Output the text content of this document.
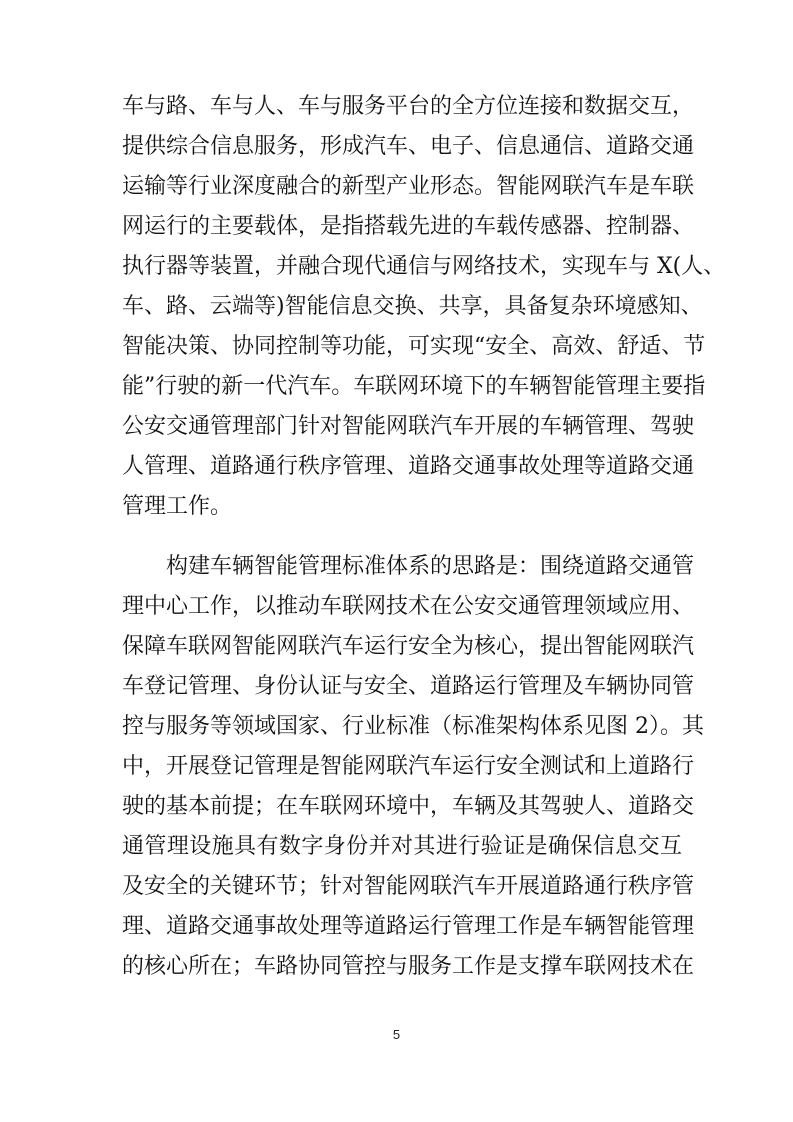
车与路、车与人、车与服务平台的全方位连接和数据交互，
提供综合信息服务，形成汽车、电子、信息通信、道路交通
运输等行业深度融合的新型产业形态。智能网联汽车是车联
网运行的主要载体，是指搭载先进的车载传感器、控制器、
执行器等装置，并融合现代通信与网络技术，实现车与 X(人、
车、路、云端等)智能信息交换、共享，具备复杂环境感知、
智能决策、协同控制等功能，可实现“安全、高效、舒适、节
能”行驶的新一代汽车。车联网环境下的车辆智能管理主要指
公安交通管理部门针对智能网联汽车开展的车辆管理、驾驶
人管理、道路通行秩序管理、道路交通事故处理等道路交通
管理工作。
构建车辆智能管理标准体系的思路是：围绕道路交通管
理中心工作，以推动车联网技术在公安交通管理领域应用、
保障车联网智能网联汽车运行安全为核心，提出智能网联汽
车登记管理、身份认证与安全、道路运行管理及车辆协同管
控与服务等领域国家、行业标准（标准架构体系见图 2）。其
中，开展登记管理是智能网联汽车运行安全测试和上道路行
驶的基本前提；在车联网环境中，车辆及其驾驶人、道路交
通管理设施具有数字身份并对其进行验证是确保信息交互
及安全的关键环节；针对智能网联汽车开展道路通行秩序管
理、道路交通事故处理等道路运行管理工作是车辆智能管理
的核心所在；车路协同管控与服务工作是支撑车联网技术在
5
